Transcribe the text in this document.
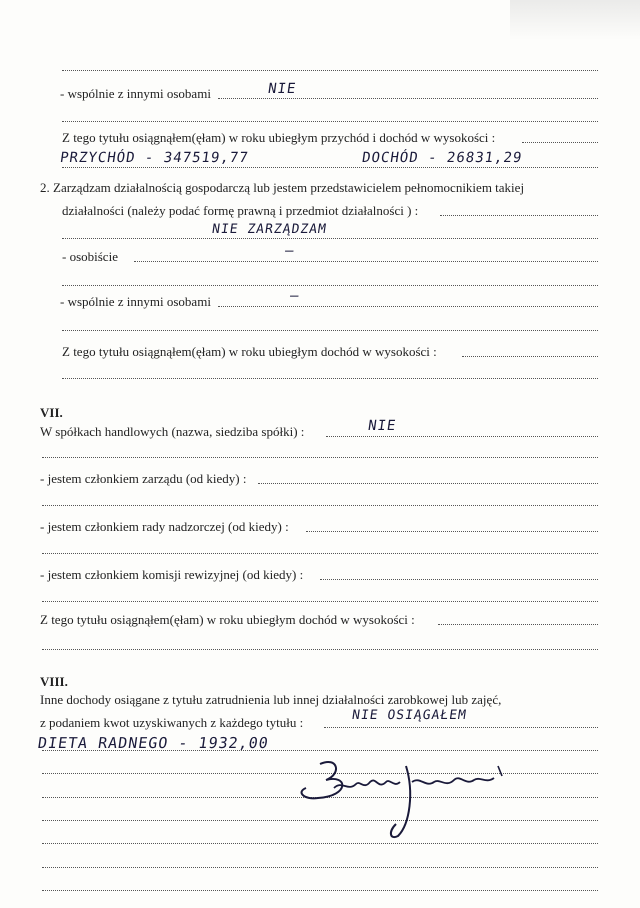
- wspólnie z innymi osobami	NIE
Z tego tytułu osiągnąłem(ęłam) w roku ubiegłym przychód i dochód w wysokości :
PRZYCHÓD - 347519,77	DOCHÓD - 26831,29
2. Zarządzam działalnością gospodarczą lub jestem przedstawicielem pełnomocnikiem takiej
działalności (należy podać formę prawną i przedmiot działalności ) :
NIE ZARZĄDZAM
- osobiście	–
- wspólnie z innymi osobami	–
Z tego tytułu osiągnąłem(ęłam) w roku ubiegłym dochód w wysokości :
VII.
W spółkach handlowych (nazwa, siedziba spółki) :	NIE
- jestem członkiem zarządu (od kiedy) :
- jestem członkiem rady nadzorczej (od kiedy) :
- jestem członkiem komisji rewizyjnej (od kiedy) :
Z tego tytułu osiągnąłem(ęłam) w roku ubiegłym dochód w wysokości :
VIII.
Inne dochody osiągane z tytułu zatrudnienia lub innej działalności zarobkowej lub zajęć,
z podaniem kwot uzyskiwanych z każdego tytułu :	NIE OSIĄGAŁEM
DIETA RADNEGO - 1932,00
